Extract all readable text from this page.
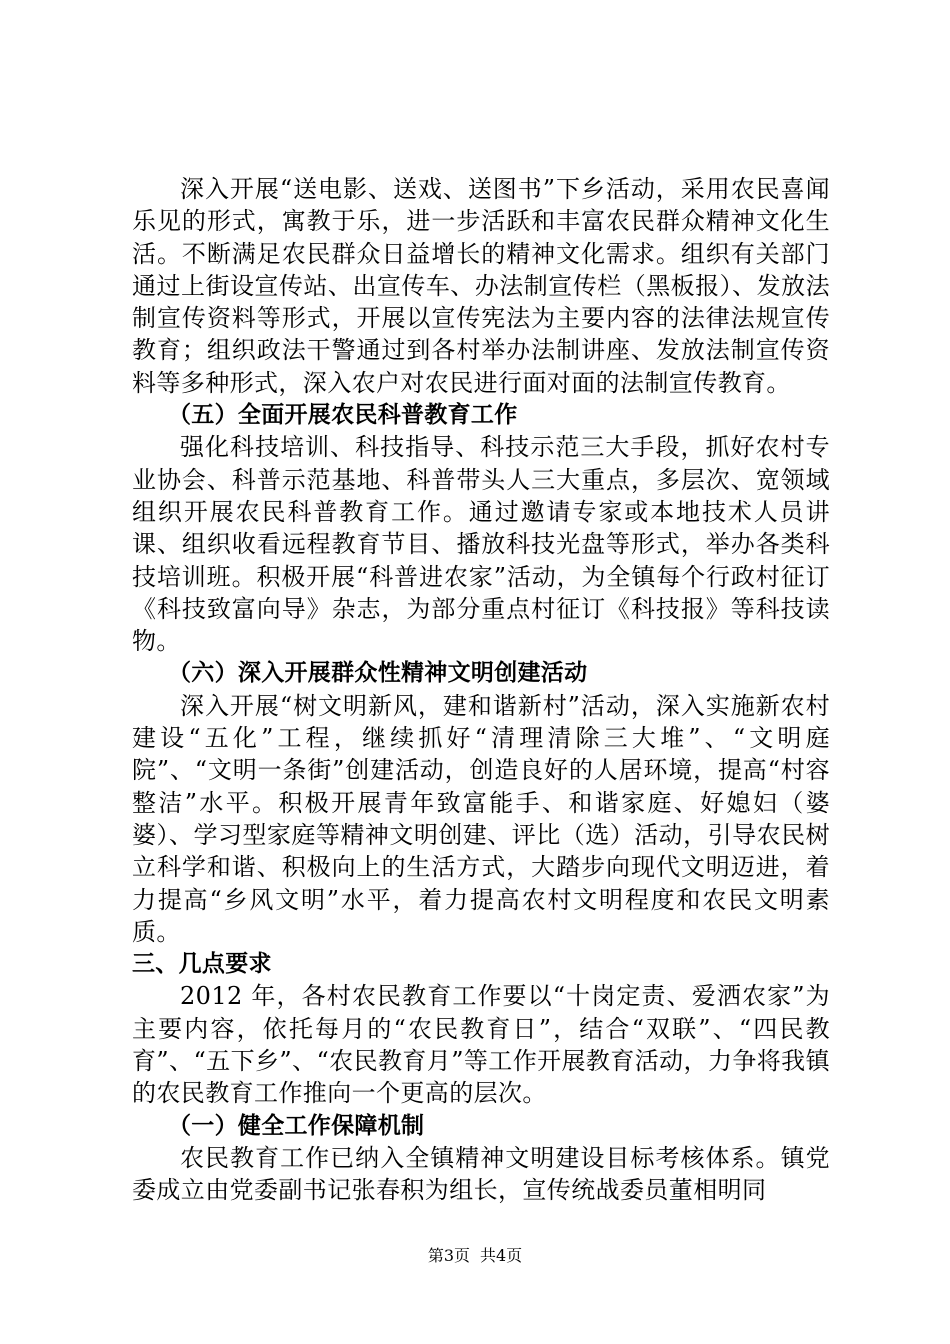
深入开展“送电影、送戏、送图书”下乡活动，采用农民喜闻乐见的形式，寓教于乐，进一步活跃和丰富农民群众精神文化生活。不断满足农民群众日益增长的精神文化需求。组织有关部门通过上街设宣传站、出宣传车、办法制宣传栏（黑板报）、发放法制宣传资料等形式，开展以宣传宪法为主要内容的法律法规宣传教育；组织政法干警通过到各村举办法制讲座、发放法制宣传资料等多种形式，深入农户对农民进行面对面的法制宣传教育。

（五）全面开展农民科普教育工作

强化科技培训、科技指导、科技示范三大手段，抓好农村专业协会、科普示范基地、科普带头人三大重点，多层次、宽领域组织开展农民科普教育工作。通过邀请专家或本地技术人员讲课、组织收看远程教育节目、播放科技光盘等形式，举办各类科技培训班。积极开展“科普进农家”活动，为全镇每个行政村征订《科技致富向导》杂志，为部分重点村征订《科技报》等科技读物。

（六）深入开展群众性精神文明创建活动

深入开展“树文明新风，建和谐新村”活动，深入实施新农村建设“五化”工程，继续抓好“清理清除三大堆”、“文明庭院”、“文明一条街”创建活动，创造良好的人居环境，提高“村容整洁”水平。积极开展青年致富能手、和谐家庭、好媳妇（婆婆）、学习型家庭等精神文明创建、评比（选）活动，引导农民树立科学和谐、积极向上的生活方式，大踏步向现代文明迈进，着力提高“乡风文明”水平，着力提高农村文明程度和农民文明素质。

三、几点要求

2012 年，各村农民教育工作要以“十岗定责、爱洒农家”为主要内容，依托每月的“农民教育日”，结合“双联”、“四民教育”、“五下乡”、“农民教育月”等工作开展教育活动，力争将我镇的农民教育工作推向一个更高的层次。

（一）健全工作保障机制

农民教育工作已纳入全镇精神文明建设目标考核体系。镇党委成立由党委副书记张春积为组长，宣传统战委员董相明同

第3页 共4页
